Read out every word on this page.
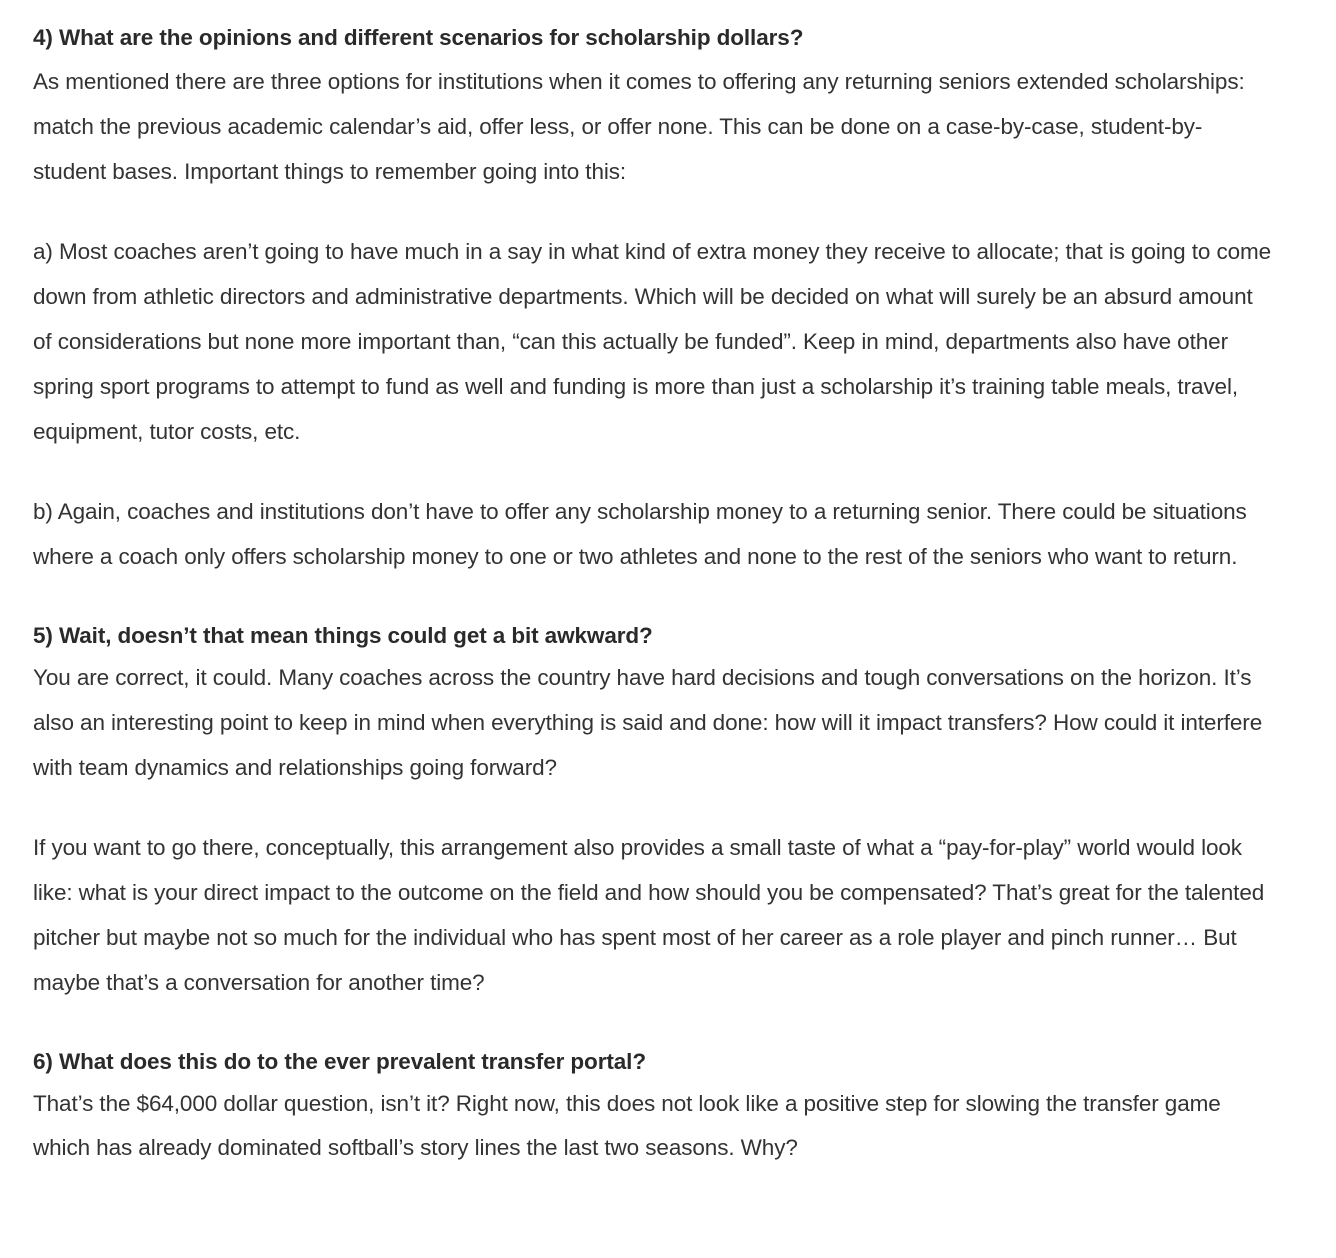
4) What are the opinions and different scenarios for scholarship dollars?

As mentioned there are three options for institutions when it comes to offering any returning seniors extended scholarships: match the previous academic calendar’s aid, offer less, or offer none. This can be done on a case-by-case, student-by-student bases. Important things to remember going into this:

a) Most coaches aren’t going to have much in a say in what kind of extra money they receive to allocate; that is going to come down from athletic directors and administrative departments. Which will be decided on what will surely be an absurd amount of considerations but none more important than, “can this actually be funded”. Keep in mind, departments also have other spring sport programs to attempt to fund as well and funding is more than just a scholarship it’s training table meals, travel, equipment, tutor costs, etc.

b) Again, coaches and institutions don’t have to offer any scholarship money to a returning senior. There could be situations where a coach only offers scholarship money to one or two athletes and none to the rest of the seniors who want to return.

5) Wait, doesn’t that mean things could get a bit awkward?

You are correct, it could. Many coaches across the country have hard decisions and tough conversations on the horizon. It’s also an interesting point to keep in mind when everything is said and done: how will it impact transfers? How could it interfere with team dynamics and relationships going forward?

If you want to go there, conceptually, this arrangement also provides a small taste of what a “pay-for-play” world would look like: what is your direct impact to the outcome on the field and how should you be compensated? That’s great for the talented pitcher but maybe not so much for the individual who has spent most of her career as a role player and pinch runner… But maybe that’s a conversation for another time?

6) What does this do to the ever prevalent transfer portal?

That’s the $64,000 dollar question, isn’t it? Right now, this does not look like a positive step for slowing the transfer game which has already dominated softball’s story lines the last two seasons. Why?
